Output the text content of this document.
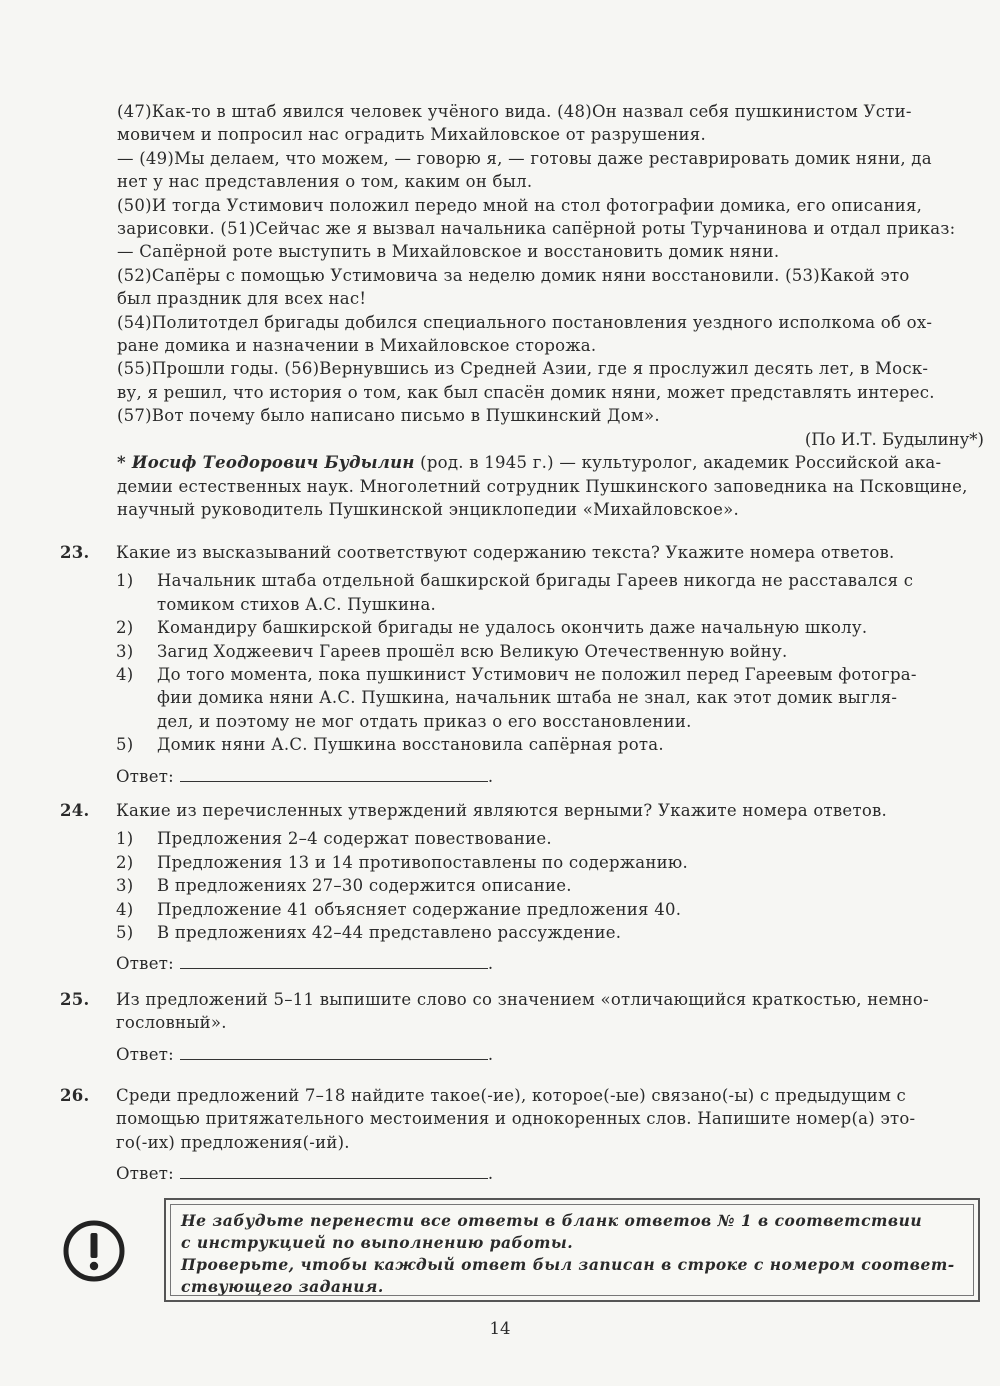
(47)Как-то в штаб явился человек учёного вида. (48)Он назвал себя пушкинистом Усти-
мовичем и попросил нас оградить Михайловское от разрушения.

— (49)Мы делаем, что можем, — говорю я, — готовы даже реставрировать домик няни, да
нет у нас представления о том, каким он был.

(50)И тогда Устимович положил передо мной на стол фотографии домика, его описания,
зарисовки. (51)Сейчас же я вызвал начальника сапёрной роты Турчанинова и отдал приказ:
— Сапёрной роте выступить в Михайловское и восстановить домик няни.

(52)Сапёры с помощью Устимовича за неделю домик няни восстановили. (53)Какой это
был праздник для всех нас!

(54)Политотдел бригады добился специального постановления уездного исполкома об ох-
ране домика и назначении в Михайловское сторожа.

(55)Прошли годы. (56)Вернувшись из Средней Азии, где я прослужил десять лет, в Моск-
ву, я решил, что история о том, как был спасён домик няни, может представлять интерес.
(57)Вот почему было написано письмо в Пушкинский Дом».

(По И.Т. Будылину*)

* Иосиф Теодорович Будылин (род. в 1945 г.) — культуролог, академик Российской ака-
демии естественных наук. Многолетний сотрудник Пушкинского заповедника на Псковщине,
научный руководитель Пушкинской энциклопедии «Михайловское».

23. Какие из высказываний соответствуют содержанию текста? Укажите номера ответов.
1) Начальник штаба отдельной башкирской бригады Гареев никогда не расставался с
томиком стихов А.С. Пушкина.
2) Командиру башкирской бригады не удалось окончить даже начальную школу.
3) Загид Ходжеевич Гареев прошёл всю Великую Отечественную войну.
4) До того момента, пока пушкинист Устимович не положил перед Гареевым фотогра-
фии домика няни А.С. Пушкина, начальник штаба не знал, как этот домик выгля-
дел, и поэтому не мог отдать приказ о его восстановлении.
5) Домик няни А.С. Пушкина восстановила сапёрная рота.
Ответ:	.
24. Какие из перечисленных утверждений являются верными? Укажите номера ответов.
1) Предложения 2–4 содержат повествование.
2) Предложения 13 и 14 противопоставлены по содержанию.
3) В предложениях 27–30 содержится описание.
4) Предложение 41 объясняет содержание предложения 40.
5) В предложениях 42–44 представлено рассуждение.
Ответ:	.
25. Из предложений 5–11 выпишите слово со значением «отличающийся краткостью, немно-
гословный».
Ответ:	.
26. Среди предложений 7–18 найдите такое(-ие), которое(-ые) связано(-ы) с предыдущим с
помощью притяжательного местоимения и однокоренных слов. Напишите номер(а) это-
го(-их) предложения(-ий).
Ответ:	.
Не забудьте перенести все ответы в бланк ответов № 1 в соответствии
с инструкцией по выполнению работы.
Проверьте, чтобы каждый ответ был записан в строке с номером соответ-
ствующего задания.
14
